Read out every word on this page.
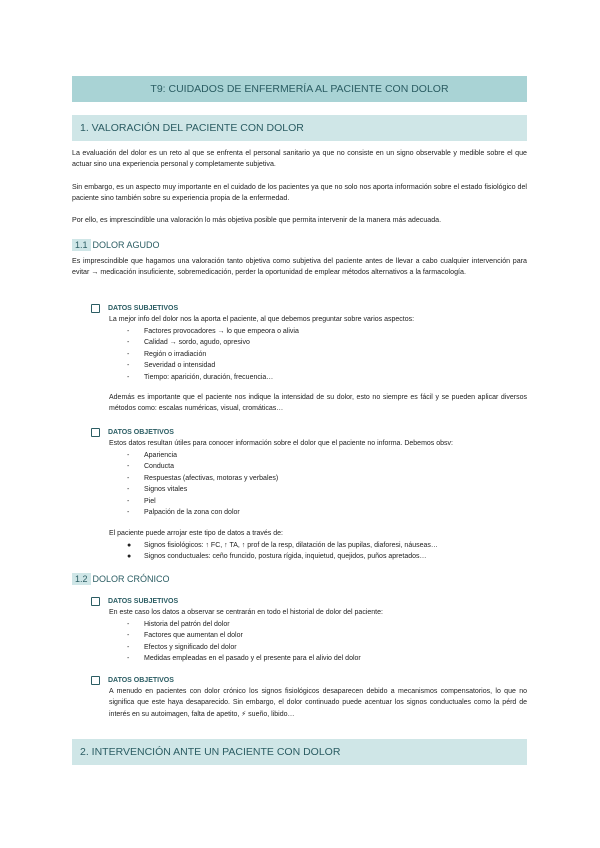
T9: CUIDADOS DE ENFERMERÍA AL PACIENTE CON DOLOR
1. VALORACIÓN DEL PACIENTE CON DOLOR

La evaluación del dolor es un reto al que se enfrenta el personal sanitario ya que no consiste en un signo observable y medible sobre el que actuar sino una experiencia personal y completamente subjetiva.

Sin embargo, es un aspecto muy importante en el cuidado de los pacientes ya que no solo nos aporta información sobre el estado fisiológico del paciente sino también sobre su experiencia propia de la enfermedad.

Por ello, es imprescindible una valoración lo más objetiva posible que permita intervenir de la manera más adecuada.

1.1 DOLOR AGUDO

Es imprescindible que hagamos una valoración tanto objetiva como subjetiva del paciente antes de llevar a cabo cualquier intervención para evitar → medicación insuficiente, sobremedicación, perder la oportunidad de emplear métodos alternativos a la farmacología.

DATOS SUBJETIVOS

La mejor info del dolor nos la aporta el paciente, al que debemos preguntar sobre varios aspectos:

- Factores provocadores → lo que empeora o alivia
- Calidad → sordo, agudo, opresivo
- Región o irradiación
- Severidad o intensidad
- Tiempo: aparición, duración, frecuencia…

Además es importante que el paciente nos indique la intensidad de su dolor, esto no siempre es fácil y se pueden aplicar diversos métodos como: escalas numéricas, visual, cromáticas…

DATOS OBJETIVOS

Estos datos resultan útiles para conocer información sobre el dolor que el paciente no informa. Debemos obsv:

- Apariencia
- Conducta
- Respuestas (afectivas, motoras y verbales)
- Signos vitales
- Piel
- Palpación de la zona con dolor

El paciente puede arrojar este tipo de datos a través de:

● Signos fisiológicos: ↑ FC, ↑ TA, ↑ prof de la resp, dilatación de las pupilas, diaforesi, náuseas…
● Signos conductuales: ceño fruncido, postura rígida, inquietud, quejidos, puños apretados…
1.2 DOLOR CRÓNICO
DATOS SUBJETIVOS

En este caso los datos a observar se centrarán en todo el historial de dolor del paciente:

- Historia del patrón del dolor
- Factores que aumentan el dolor
- Efectos y significado del dolor
- Medidas empleadas en el pasado y el presente para el alivio del dolor
DATOS OBJETIVOS

A menudo en pacientes con dolor crónico los signos fisiológicos desaparecen debido a mecanismos compensatorios, lo que no significa que este haya desaparecido. Sin embargo, el dolor continuado puede acentuar los signos conductuales como la pérd de interés en su autoimagen, falta de apetito, ⚡ sueño, libido…

2. INTERVENCIÓN ANTE UN PACIENTE CON DOLOR
